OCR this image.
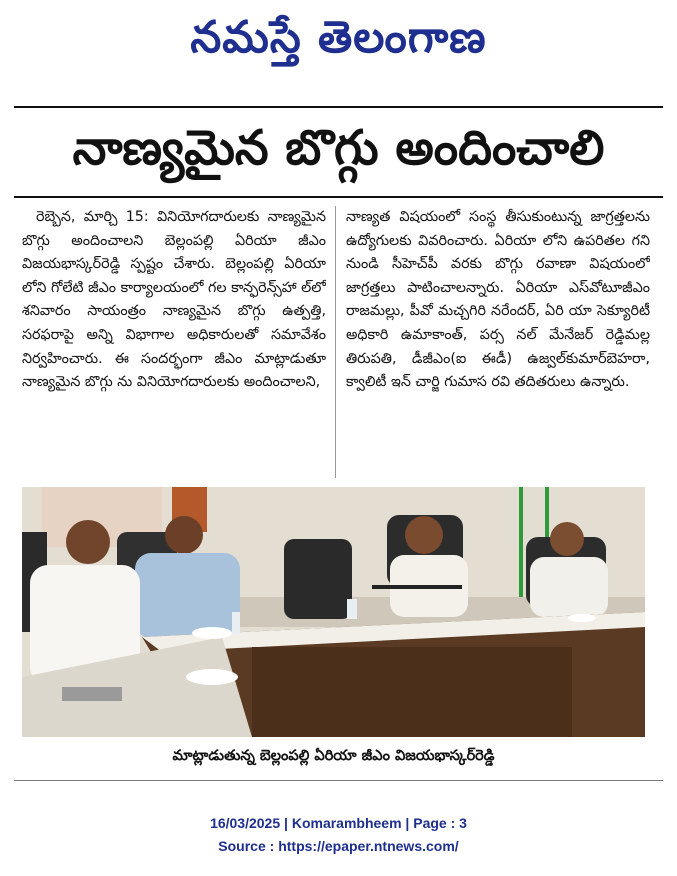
నమస్తే తెలంగాణ
నాణ్యమైన బొగ్గు అందించాలి
రెబ్బెన, మార్చి 15: వినియోగదారులకు నాణ్యమైన బొగ్గు అందించాలని బెల్లంపల్లి ఏరియా జీఎం విజయభాస్కర్‌రెడ్డి స్పష్టం చేశారు. బెల్లంపల్లి ఏరియా లోని గోలేటి జీఎం కార్యాలయంలో గల కాన్ఫరెన్స్‌హా ల్‌లో శనివారం సాయంత్రం నాణ్యమైన బొగ్గు ఉత్పత్తి, సరఫరాపై అన్ని విభాగాల అధికారులతో సమావేశం నిర్వహించారు. ఈ సందర్భంగా జీఎం మాట్లాడుతూ నాణ్యమైన బొగ్గు ను వినియోగదారులకు అందించాలని,
నాణ్యత విషయంలో సంస్థ తీసుకుంటున్న జాగ్రత్తలను ఉద్యోగులకు వివరించారు. ఏరియా లోని ఉపరితల గని నుండి సీహెచ్‌పీ వరకు బొగ్గు రవాణా విషయంలో జాగ్రత్తలు పాటించాలన్నారు. ఏరియా ఎస్‌వోటూజీఎం రాజమల్లు, పీవో మచ్చగిరి నరేందర్, ఏరి యా సెక్యూరిటీ అధికారి ఉమాకాంత్, పర్స నల్ మేనేజర్ రెడ్డిమల్ల తిరుపతి, డీజీఎం(ఐ ఈడీ) ఉజ్వల్‌కుమార్‌బెహరా, క్వాలిటీ ఇన్ చార్జి గుమాస రవి తదితరులు ఉన్నారు.
మాట్లాడుతున్న బెల్లంపల్లి ఏరియా జీఎం విజయభాస్కర్‌రెడ్డి
16/03/2025 | Komarambheem | Page : 3
Source : https://epaper.ntnews.com/
